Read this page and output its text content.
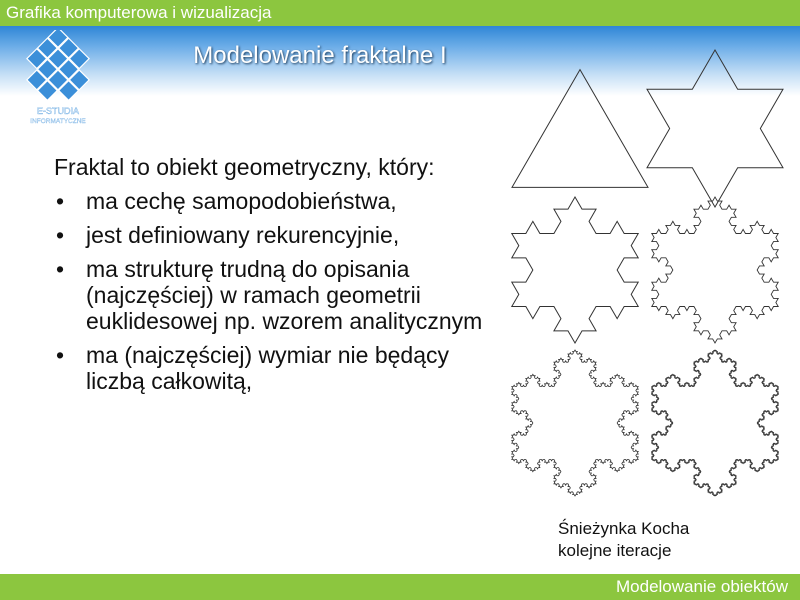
Grafika komputerowa i wizualizacja
E-STUDIA
INFORMATYCZNE
Modelowanie fraktalne I
Fraktal to obiekt geometryczny, który:
• ma cechę samopodobieństwa,
• jest definiowany rekurencyjnie,
• ma strukturę trudną do opisania (najczęściej) w ramach geometrii euklidesowej np. wzorem analitycznym
• ma (najczęściej) wymiar nie będący liczbą całkowitą,
Śnieżynka Kocha
kolejne iteracje
Modelowanie obiektów
